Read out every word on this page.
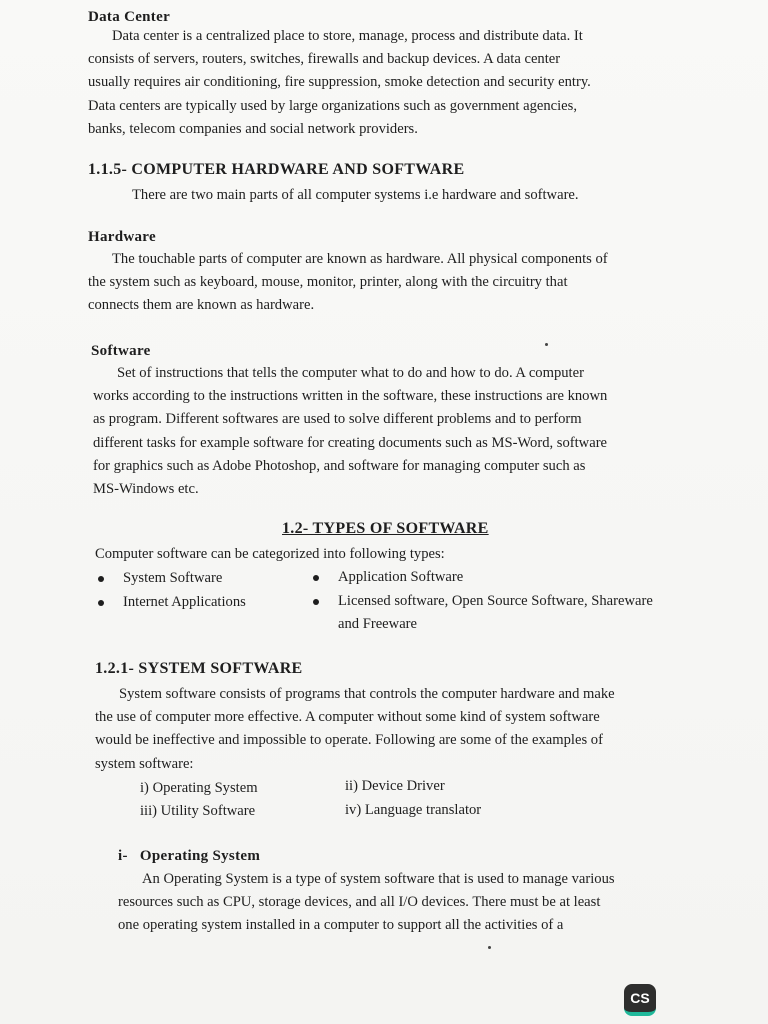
Data Center
Data center is a centralized place to store, manage, process and distribute data. It
consists of servers, routers, switches, firewalls and backup devices. A data center
usually requires air conditioning, fire suppression, smoke detection and security entry.
Data centers are typically used by large organizations such as government agencies,
banks, telecom companies and social network providers.
1.1.5- COMPUTER HARDWARE AND SOFTWARE
There are two main parts of all computer systems i.e hardware and software.
Hardware
The touchable parts of computer are known as hardware. All physical components of
the system such as keyboard, mouse, monitor, printer, along with the circuitry that
connects them are known as hardware.
Software
Set of instructions that tells the computer what to do and how to do. A computer
works according to the instructions written in the software, these instructions are known
as program. Different softwares are used to solve different problems and to perform
different tasks for example software for creating documents such as MS-Word, software
for graphics such as Adobe Photoshop, and software for managing computer such as
MS-Windows etc.
1.2- TYPES OF SOFTWARE
Computer software can be categorized into following types:
System Software	Application Software
Internet Applications	Licensed software, Open Source Software, Shareware
and Freeware
1.2.1- SYSTEM SOFTWARE
System software consists of programs that controls the computer hardware and make
the use of computer more effective. A computer without some kind of system software
would be ineffective and impossible to operate. Following are some of the examples of
system software:
i) Operating System	ii) Device Driver
iii) Utility Software	iv) Language translator
i-   Operating System
An Operating System is a type of system software that is used to manage various
resources such as CPU, storage devices, and all I/O devices. There must be at least
one operating system installed in a computer to support all the activities of a
CS
